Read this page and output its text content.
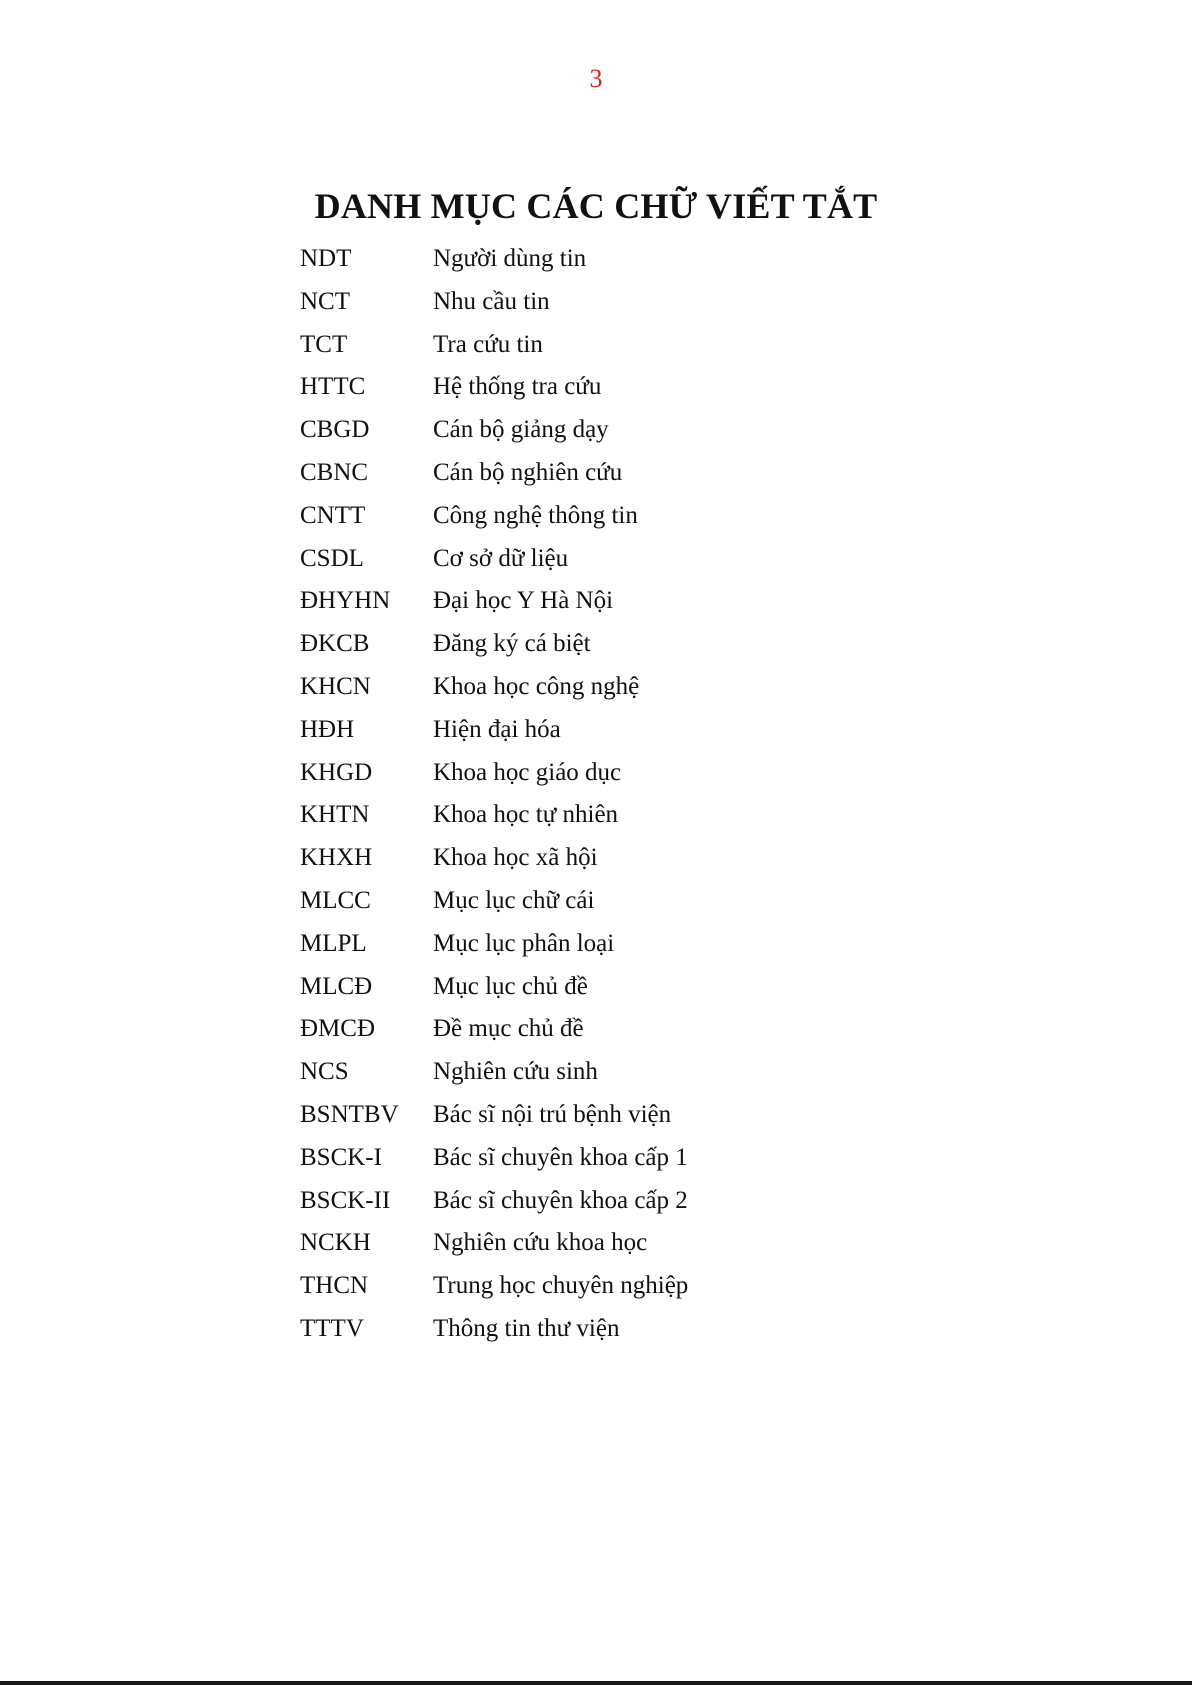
3
DANH MỤC CÁC CHỮ VIẾT TẮT
NDT	Người dùng tin
NCT	Nhu cầu tin
TCT	Tra cứu tin
HTTC	Hệ thống tra cứu
CBGD	Cán bộ giảng dạy
CBNC	Cán bộ nghiên cứu
CNTT	Công nghệ thông tin
CSDL	Cơ sở dữ liệu
ĐHYHN	Đại học Y Hà Nội
ĐKCB	Đăng ký cá biệt
KHCN	Khoa học công nghệ
HĐH	Hiện đại hóa
KHGD	Khoa học giáo dục
KHTN	Khoa học tự nhiên
KHXH	Khoa học xã hội
MLCC	Mục lục chữ cái
MLPL	Mục lục phân loại
MLCĐ	Mục lục chủ đề
ĐMCĐ	Đề mục chủ đề
NCS	Nghiên cứu sinh
BSNTBV	Bác sĩ nội trú bệnh viện
BSCK-I	Bác sĩ chuyên khoa cấp 1
BSCK-II	Bác sĩ chuyên khoa cấp 2
NCKH	Nghiên cứu khoa học
THCN	Trung học chuyên nghiệp
TTTV	Thông tin thư viện
